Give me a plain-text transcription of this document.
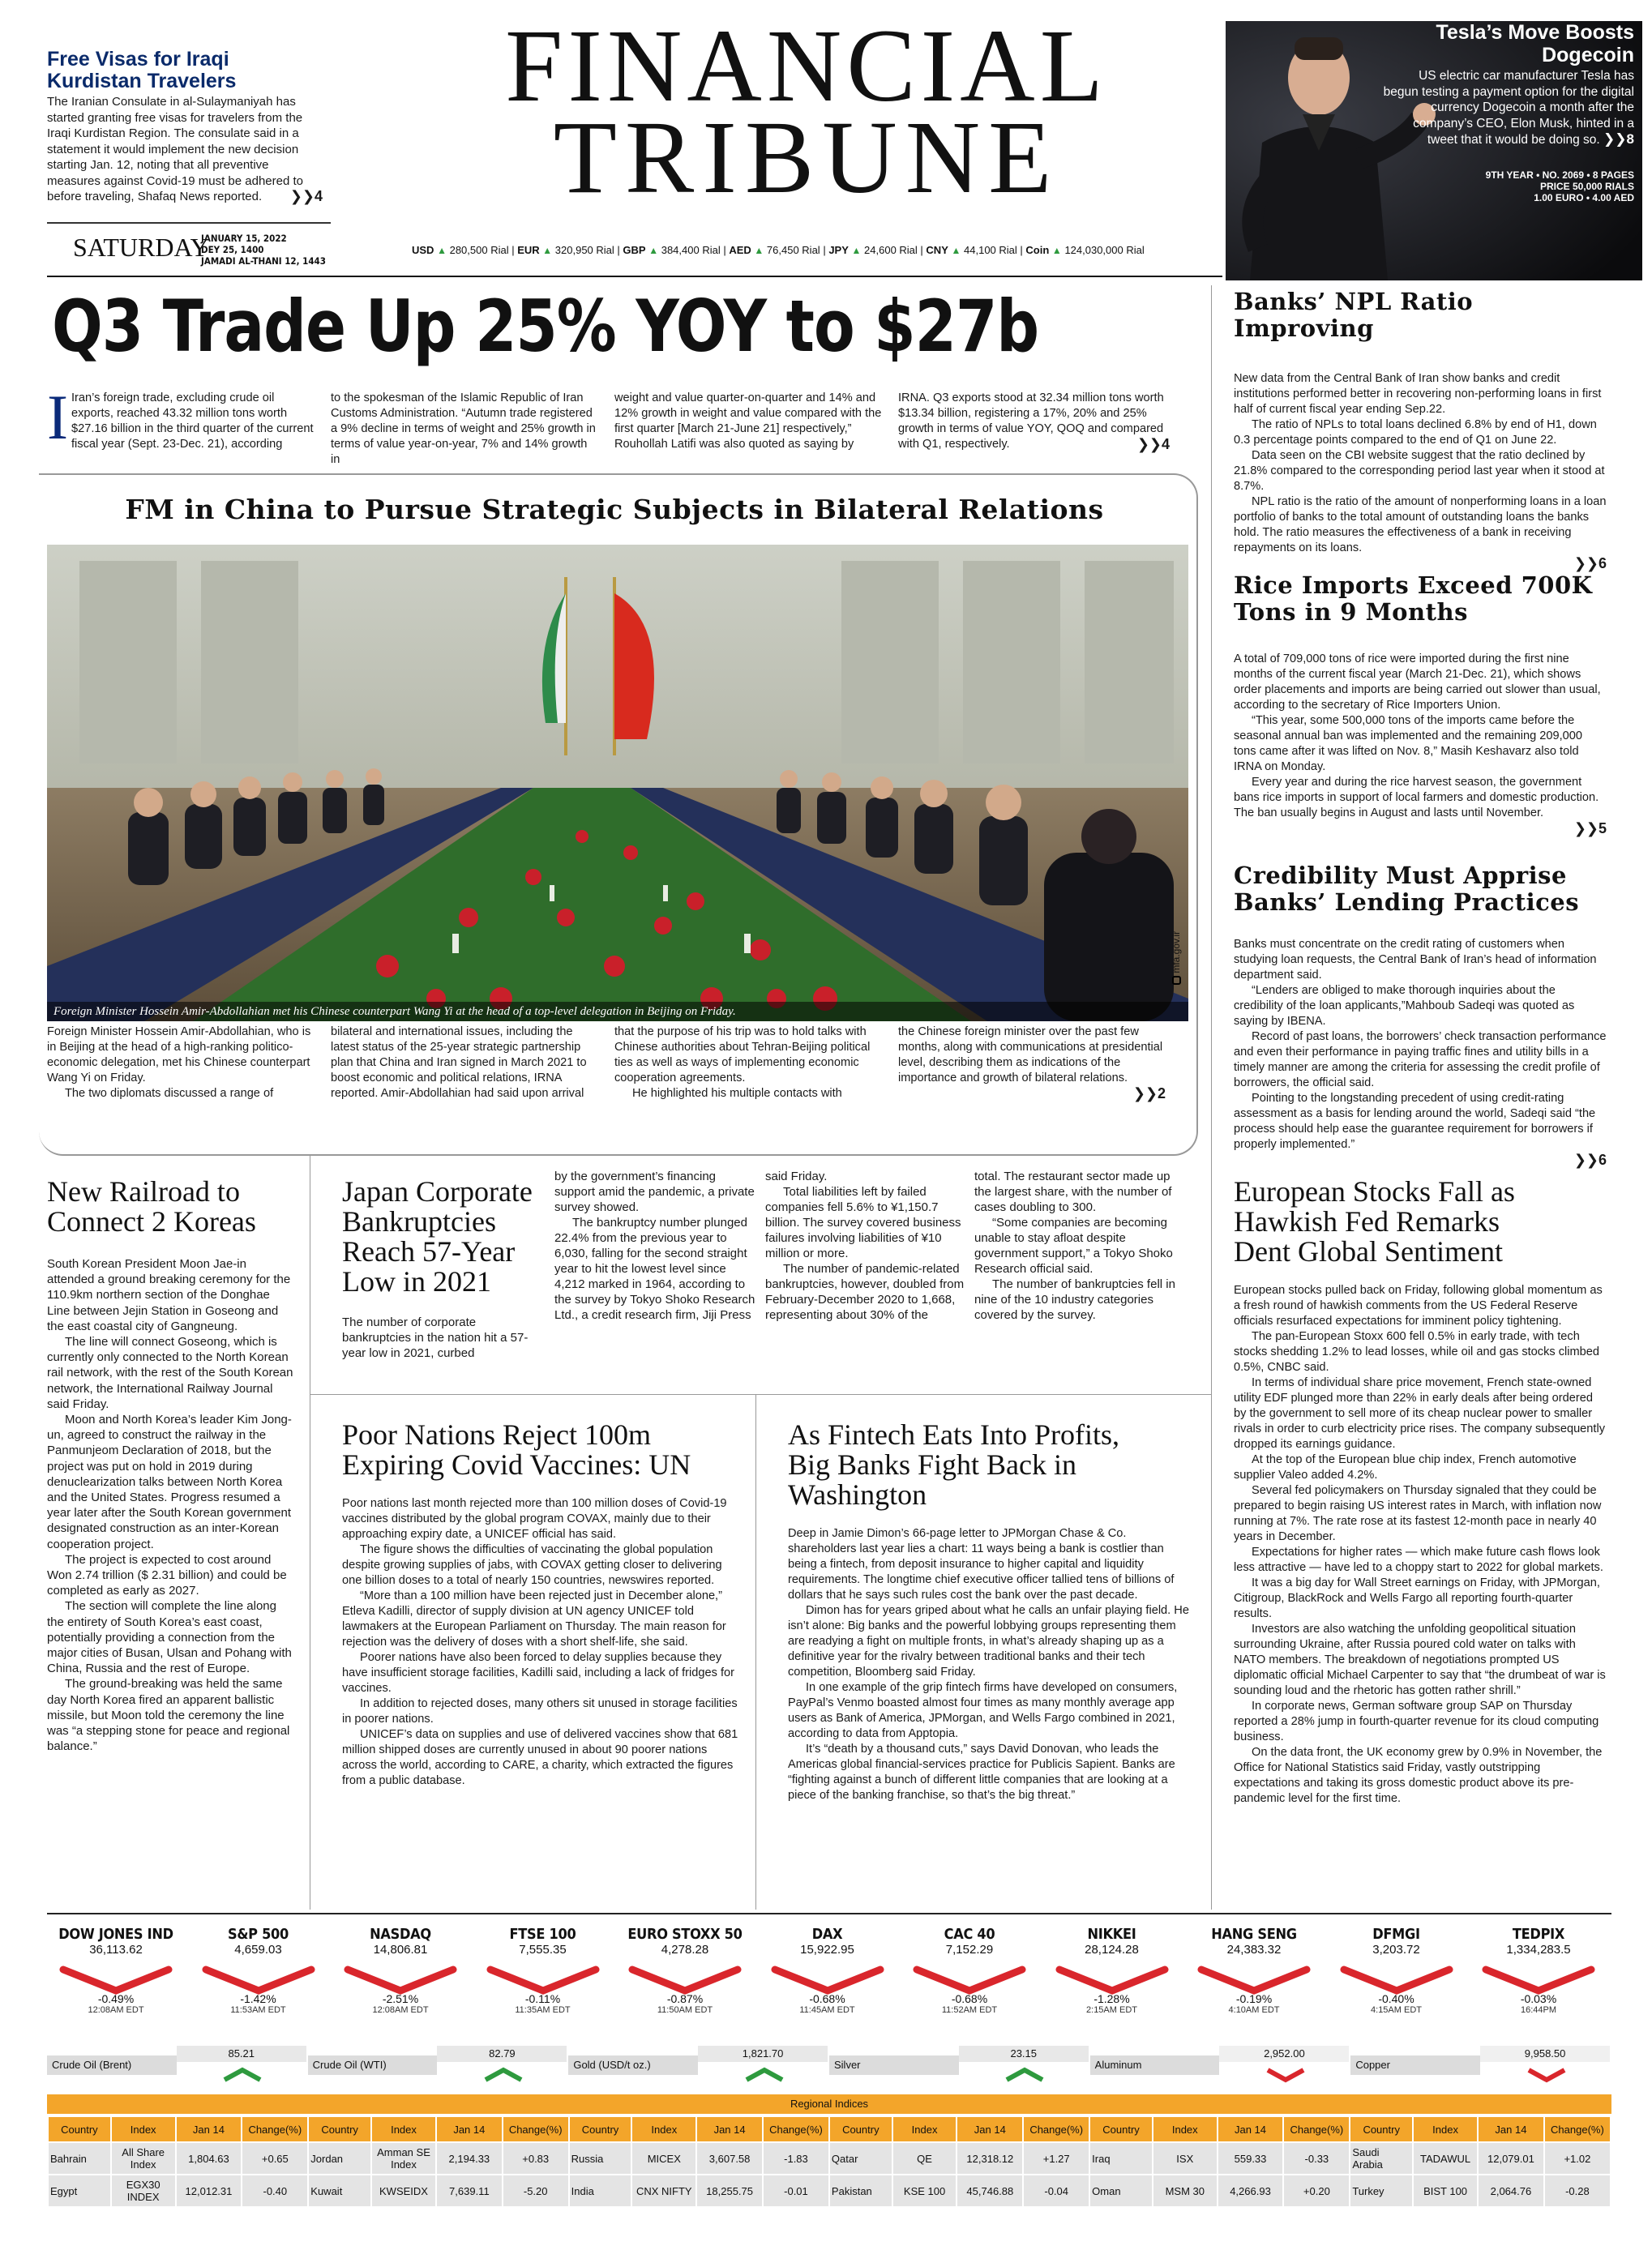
Free Visas for Iraqi Kurdistan Travelers
The Iranian Consulate in al-Sulaymaniyah has started granting free visas for travelers from the Iraqi Kurdistan Region. The consulate said in a statement it would implement the new decision starting Jan. 12, noting that all preventive measures against Covid-19 must be adhered to before traveling, Shafaq News reported. ❯❯4
FINANCIAL
TRIBUNE
Tesla’s Move Boosts Dogecoin
US electric car manufacturer Tesla has begun testing a payment option for the digital currency Dogecoin a month after the company’s CEO, Elon Musk, hinted in a tweet that it would be doing so. ❯❯8
9TH YEAR • NO. 2069 • 8 PAGES
PRICE 50,000 RIALS
1.00 EURO • 4.00 AED
SATURDAY
JANUARY 15, 2022
DEY 25, 1400
JAMADI AL-THANI 12, 1443
USD ▲ 280,500 Rial | EUR ▲ 320,950 Rial | GBP ▲ 384,400 Rial | AED ▲ 76,450 Rial | JPY ▲ 24,600 Rial | CNY ▲ 44,100 Rial | Coin ▲ 124,030,000 Rial
Q3 Trade Up 25% YOY to $27b
I Iran’s foreign trade, excluding crude oil exports, reached 43.32 million tons worth $27.16 billion in the third quarter of the current fiscal year (Sept. 23-Dec. 21), according
to the spokesman of the Islamic Republic of Iran Customs Administration. “Autumn trade registered a 9% decline in terms of weight and 25% growth in terms of value year-on-year, 7% and 14% growth in
weight and value quarter-on-quarter and 14% and 12% growth in weight and value compared with the first quarter [March 21-June 21] respectively,” Rouhollah Latifi was also quoted as saying by
IRNA. Q3 exports stood at 32.34 million tons worth $13.34 billion, registering a 17%, 20% and 25% growth in terms of value YOY, QOQ and compared with Q1, respectively.	❯❯4
FM in China to Pursue Strategic Subjects in Bilateral Relations
Foreign Minister Hossein Amir-Abdollahian met his Chinese counterpart Wang Yi at the head of a top-level delegation in Beijing on Friday.
mfa.gov.ir

Foreign Minister Hossein Amir-Abdollahian, who is in Beijing at the head of a high-ranking politico-economic delegation, met his Chinese counterpart Wang Yi on Friday.

The two diplomats discussed a range of

bilateral and international issues, including the latest status of the 25-year strategic partnership plan that China and Iran signed in March 2021 to boost economic and political relations, IRNA reported. Amir-Abdollahian had said upon arrival

that the purpose of his trip was to hold talks with Chinese authorities about Tehran-Beijing political ties as well as ways of implementing economic cooperation agreements.

He highlighted his multiple contacts with

the Chinese foreign minister over the past few months, along with communications at presidential level, describing them as indications of the importance and growth of bilateral relations.

❯❯2
Banks’ NPL Ratio Improving

New data from the Central Bank of Iran show banks and credit institutions performed better in recovering non-performing loans in first half of current fiscal year ending Sep.22.

The ratio of NPLs to total loans declined 6.8% by end of H1, down 0.3 percentage points compared to the end of Q1 on June 22.

Data seen on the CBI website suggest that the ratio declined by 21.8% compared to the corresponding period last year when it stood at 8.7%.

NPL ratio is the ratio of the amount of nonperforming loans in a loan portfolio of banks to the total amount of outstanding loans the banks hold. The ratio measures the effectiveness of a bank in receiving repayments on its loans.

❯❯6
Rice Imports Exceed 700K Tons in 9 Months

A total of 709,000 tons of rice were imported during the first nine months of the current fiscal year (March 21-Dec. 21), which shows order placements and imports are being carried out slower than usual, according to the secretary of Rice Importers Union.

“This year, some 500,000 tons of the imports came before the seasonal annual ban was implemented and the remaining 209,000 tons came after it was lifted on Nov. 8,” Masih Keshavarz also told IRNA on Monday.

Every year and during the rice harvest season, the government bans rice imports in support of local farmers and domestic production. The ban usually begins in August and lasts until November.

❯❯5
Credibility Must Apprise Banks’ Lending Practices

Banks must concentrate on the credit rating of customers when studying loan requests, the Central Bank of Iran’s head of information department said.

“Lenders are obliged to make thorough inquiries about the credibility of the loan applicants,”Mahboub Sadeqi was quoted as saying by IBENA.

Record of past loans, the borrowers’ check transaction performance and even their performance in paying traffic fines and utility bills in a timely manner are among the criteria for assessing the credit profile of borrowers, the official said.

Pointing to the longstanding precedent of using credit-rating assessment as a basis for lending around the world, Sadeqi said “the process should help ease the guarantee requirement for borrowers if properly implemented.”

❯❯6
European Stocks Fall as Hawkish Fed Remarks Dent Global Sentiment

European stocks pulled back on Friday, following global momentum as a fresh round of hawkish comments from the US Federal Reserve officials resurfaced expectations for imminent policy tightening.

The pan-European Stoxx 600 fell 0.5% in early trade, with tech stocks shedding 1.2% to lead losses, while oil and gas stocks climbed 0.5%, CNBC said.

In terms of individual share price movement, French state-owned utility EDF plunged more than 22% in early deals after being ordered by the government to sell more of its cheap nuclear power to smaller rivals in order to curb electricity price rises. The company subsequently dropped its earnings guidance.

At the top of the European blue chip index, French automotive supplier Valeo added 4.2%.

Several fed policymakers on Thursday signaled that they could be prepared to begin raising US interest rates in March, with inflation now running at 7%. The rate rose at its fastest 12-month pace in nearly 40 years in December.

Expectations for higher rates — which make future cash flows look less attractive — have led to a choppy start to 2022 for global markets.

It was a big day for Wall Street earnings on Friday, with JPMorgan, Citigroup, BlackRock and Wells Fargo all reporting fourth-quarter results.

Investors are also watching the unfolding geopolitical situation surrounding Ukraine, after Russia poured cold water on talks with NATO members. The breakdown of negotiations prompted US diplomatic official Michael Carpenter to say that “the drumbeat of war is sounding loud and the rhetoric has gotten rather shrill.”

In corporate news, German software group SAP on Thursday reported a 28% jump in fourth-quarter revenue for its cloud computing business.

On the data front, the UK economy grew by 0.9% in November, the Office for National Statistics said Friday, vastly outstripping expectations and taking its gross domestic product above its pre-pandemic level for the first time.

New Railroad to Connect 2 Koreas

South Korean President Moon Jae-in attended a ground breaking ceremony for the 110.9km northern section of the Donghae Line between Jejin Station in Goseong and the east coastal city of Gangneung.

The line will connect Goseong, which is currently only connected to the North Korean rail network, with the rest of the South Korean network, the International Railway Journal said Friday.

Moon and North Korea’s leader Kim Jong-un, agreed to construct the railway in the Panmunjeom Declaration of 2018, but the project was put on hold in 2019 during denuclearization talks between North Korea and the United States. Progress resumed a year later after the South Korean government designated construction as an inter-Korean cooperation project.

The project is expected to cost around Won 2.74 trillion ($ 2.31 billion) and could be completed as early as 2027.

The section will complete the line along the entirety of South Korea’s east coast, potentially providing a connection from the major cities of Busan, Ulsan and Pohang with China, Russia and the rest of Europe.

The ground-breaking was held the same day North Korea fired an apparent ballistic missile, but Moon told the ceremony the line was “a stepping stone for peace and regional balance.”

Japan Corporate Bankruptcies Reach 57-Year Low in 2021
The number of corporate bankruptcies in the nation hit a 57-year low in 2021, curbed

by the government’s financing support amid the pandemic, a private survey showed.

The bankruptcy number plunged 22.4% from the previous year to 6,030, falling for the second straight year to hit the lowest level since 4,212 marked in 1964, according to the survey by Tokyo Shoko Research Ltd., a credit research firm, Jiji Press

said Friday.

Total liabilities left by failed companies fell 5.6% to ¥1,150.7 billion. The survey covered business failures involving liabilities of ¥10 million or more.

The number of pandemic-related bankruptcies, however, doubled from February-December 2020 to 1,668, representing about 30% of the

total. The restaurant sector made up the largest share, with the number of cases doubling to 300.

“Some companies are becoming unable to stay afloat despite government support,” a Tokyo Shoko Research official said.

The number of bankruptcies fell in nine of the 10 industry categories covered by the survey.

Poor Nations Reject 100m Expiring Covid Vaccines: UN

Poor nations last month rejected more than 100 million doses of Covid-19 vaccines distributed by the global program COVAX, mainly due to their approaching expiry date, a UNICEF official has said.

The figure shows the difficulties of vaccinating the global population despite growing supplies of jabs, with COVAX getting closer to delivering one billion doses to a total of nearly 150 countries, newswires reported.

“More than a 100 million have been rejected just in December alone,” Etleva Kadilli, director of supply division at UN agency UNICEF told lawmakers at the European Parliament on Thursday. The main reason for rejection was the delivery of doses with a short shelf-life, she said.

Poorer nations have also been forced to delay supplies because they have insufficient storage facilities, Kadilli said, including a lack of fridges for vaccines.

In addition to rejected doses, many others sit unused in storage facilities in poorer nations.

UNICEF’s data on supplies and use of delivered vaccines show that 681 million shipped doses are currently unused in about 90 poorer nations across the world, according to CARE, a charity, which extracted the figures from a public database.

As Fintech Eats Into Profits, Big Banks Fight Back in Washington

Deep in Jamie Dimon’s 66-page letter to JPMorgan Chase & Co. shareholders last year lies a chart: 11 ways being a bank is costlier than being a fintech, from deposit insurance to higher capital and liquidity requirements. The longtime chief executive officer tallied tens of billions of dollars that he says such rules cost the bank over the past decade.

Dimon has for years griped about what he calls an unfair playing field. He isn’t alone: Big banks and the powerful lobbying groups representing them are readying a fight on multiple fronts, in what’s already shaping up as a definitive year for the rivalry between traditional banks and their tech competition, Bloomberg said Friday.

In one example of the grip fintech firms have developed on consumers, PayPal’s Venmo boasted almost four times as many monthly average app users as Bank of America, JPMorgan, and Wells Fargo combined in 2021, according to data from Apptopia.

It’s “death by a thousand cuts,” says David Donovan, who leads the Americas global financial-services practice for Publicis Sapient. Banks are “fighting against a bunch of different little companies that are looking at a piece of the banking franchise, so that’s the big threat.”

DOW JONES IND
36,113.62
-0.49%
12:08AM EDT
S&P 500
4,659.03
-1.42%
11:53AM EDT
NASDAQ
14,806.81
-2.51%
12:08AM EDT
FTSE 100
7,555.35
-0.11%
11:35AM EDT
EURO STOXX 50
4,278.28
-0.87%
11:50AM EDT
DAX
15,922.95
-0.68%
11:45AM EDT
CAC 40
7,152.29
-0.68%
11:52AM EDT
NIKKEI
28,124.28
-1.28%
2:15AM EDT
HANG SENG
24,383.32
-0.19%
4:10AM EDT
DFMGI
3,203.72
-0.40%
4:15AM EDT
TEDPIX
1,334,283.5
-0.03%
16:44PM
Crude Oil (Brent)
85.21
Crude Oil (WTI)
82.79
Gold (USD/t oz.)
1,821.70
Silver
23.15
Aluminum
2,952.00
Copper
9,958.50
Regional Indices
Country	Index	Jan 14	Change(%)	Country	Index	Jan 14	Change(%)	Country	Index	Jan 14	Change(%)	Country	Index	Jan 14	Change(%)	Country	Index	Jan 14	Change(%)	Country	Index	Jan 14	Change(%)
Bahrain	All Share Index	1,804.63	+0.65	Jordan	Amman SE Index	2,194.33	+0.83	Russia	MICEX	3,607.58	-1.83	Qatar	QE	12,318.12	+1.27	Iraq	ISX	559.33	-0.33	Saudi Arabia	TADAWUL	12,079.01	+1.02
Egypt	EGX30 INDEX	12,012.31	-0.40	Kuwait	KWSEIDX	7,639.11	-5.20	India	CNX NIFTY	18,255.75	-0.01	Pakistan	KSE 100	45,746.88	-0.04	Oman	MSM 30	4,266.93	+0.20	Turkey	BIST 100	2,064.76	-0.28
